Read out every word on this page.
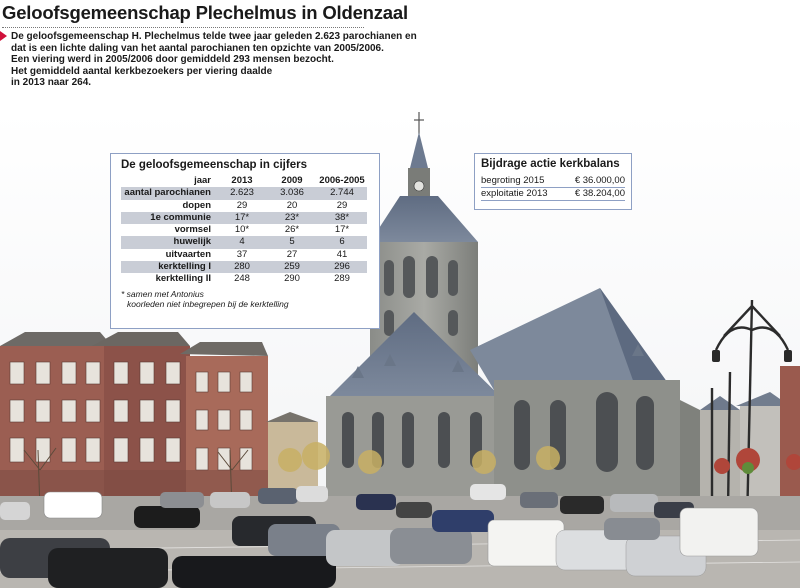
Geloofsgemeenschap Plechelmus in Oldenzaal

De geloofsgemeenschap H. Plechelmus telde twee jaar geleden 2.623 parochianen en

dat is een lichte daling van het aantal parochianen ten opzichte van 2005/2006.

Een viering werd in 2005/2006 door gemiddeld 293 mensen bezocht.

Het gemiddeld aantal kerkbezoekers per viering daalde

in 2013 naar 264.

De geloofsgemeenschap in cijfers
jaar	2013	2009	2006-2005
aantal parochianen	2.623	3.036	2.744
dopen	29	20	29
1e communie	17*	23*	38*
vormsel	10*	26*	17*
huwelijk	4	5	6
uitvaarten	37	27	41
kerktelling I	280	259	296
kerktelling II	248	290	289

* samen met Antonius

koorleden niet inbegrepen bij de kerktelling

Bijdrage actie kerkbalans
begroting 2015	€ 36.000,00
exploitatie 2013	€ 38.204,00
